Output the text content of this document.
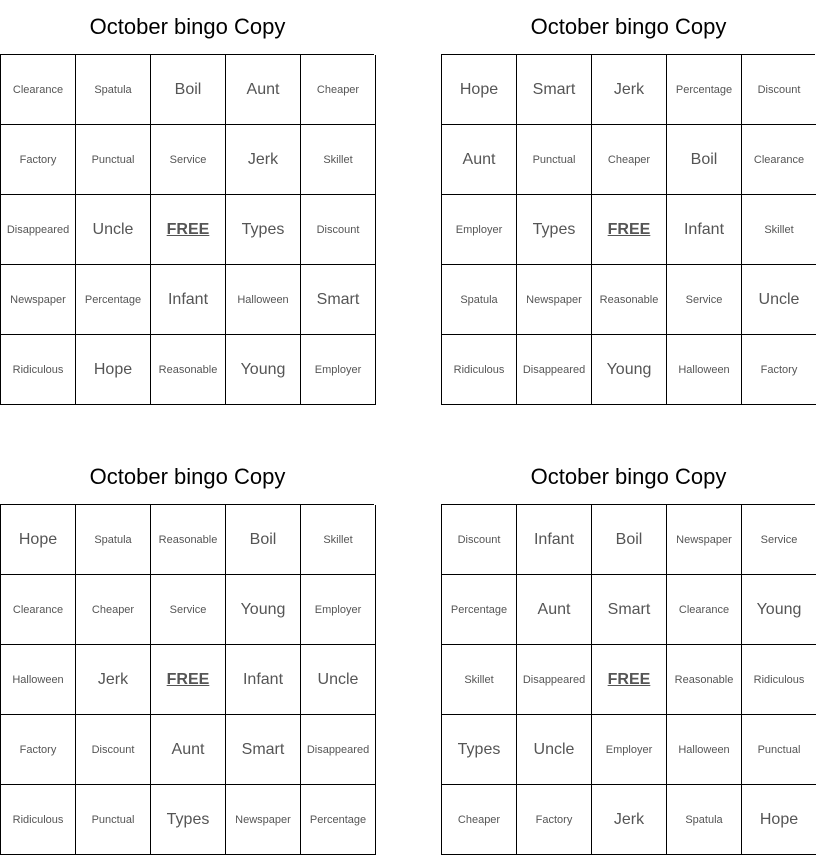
October bingo Copy
Clearance	Spatula	Boil	Aunt	Cheaper
Factory	Punctual	Service	Jerk	Skillet
Disappeared	Uncle	FREE	Types	Discount
Newspaper	Percentage	Infant	Halloween	Smart
Ridiculous	Hope	Reasonable	Young	Employer
October bingo Copy
Hope	Smart	Jerk	Percentage	Discount
Aunt	Punctual	Cheaper	Boil	Clearance
Employer	Types	FREE	Infant	Skillet
Spatula	Newspaper	Reasonable	Service	Uncle
Ridiculous	Disappeared	Young	Halloween	Factory
October bingo Copy
Hope	Spatula	Reasonable	Boil	Skillet
Clearance	Cheaper	Service	Young	Employer
Halloween	Jerk	FREE	Infant	Uncle
Factory	Discount	Aunt	Smart	Disappeared
Ridiculous	Punctual	Types	Newspaper	Percentage
October bingo Copy
Discount	Infant	Boil	Newspaper	Service
Percentage	Aunt	Smart	Clearance	Young
Skillet	Disappeared	FREE	Reasonable	Ridiculous
Types	Uncle	Employer	Halloween	Punctual
Cheaper	Factory	Jerk	Spatula	Hope
